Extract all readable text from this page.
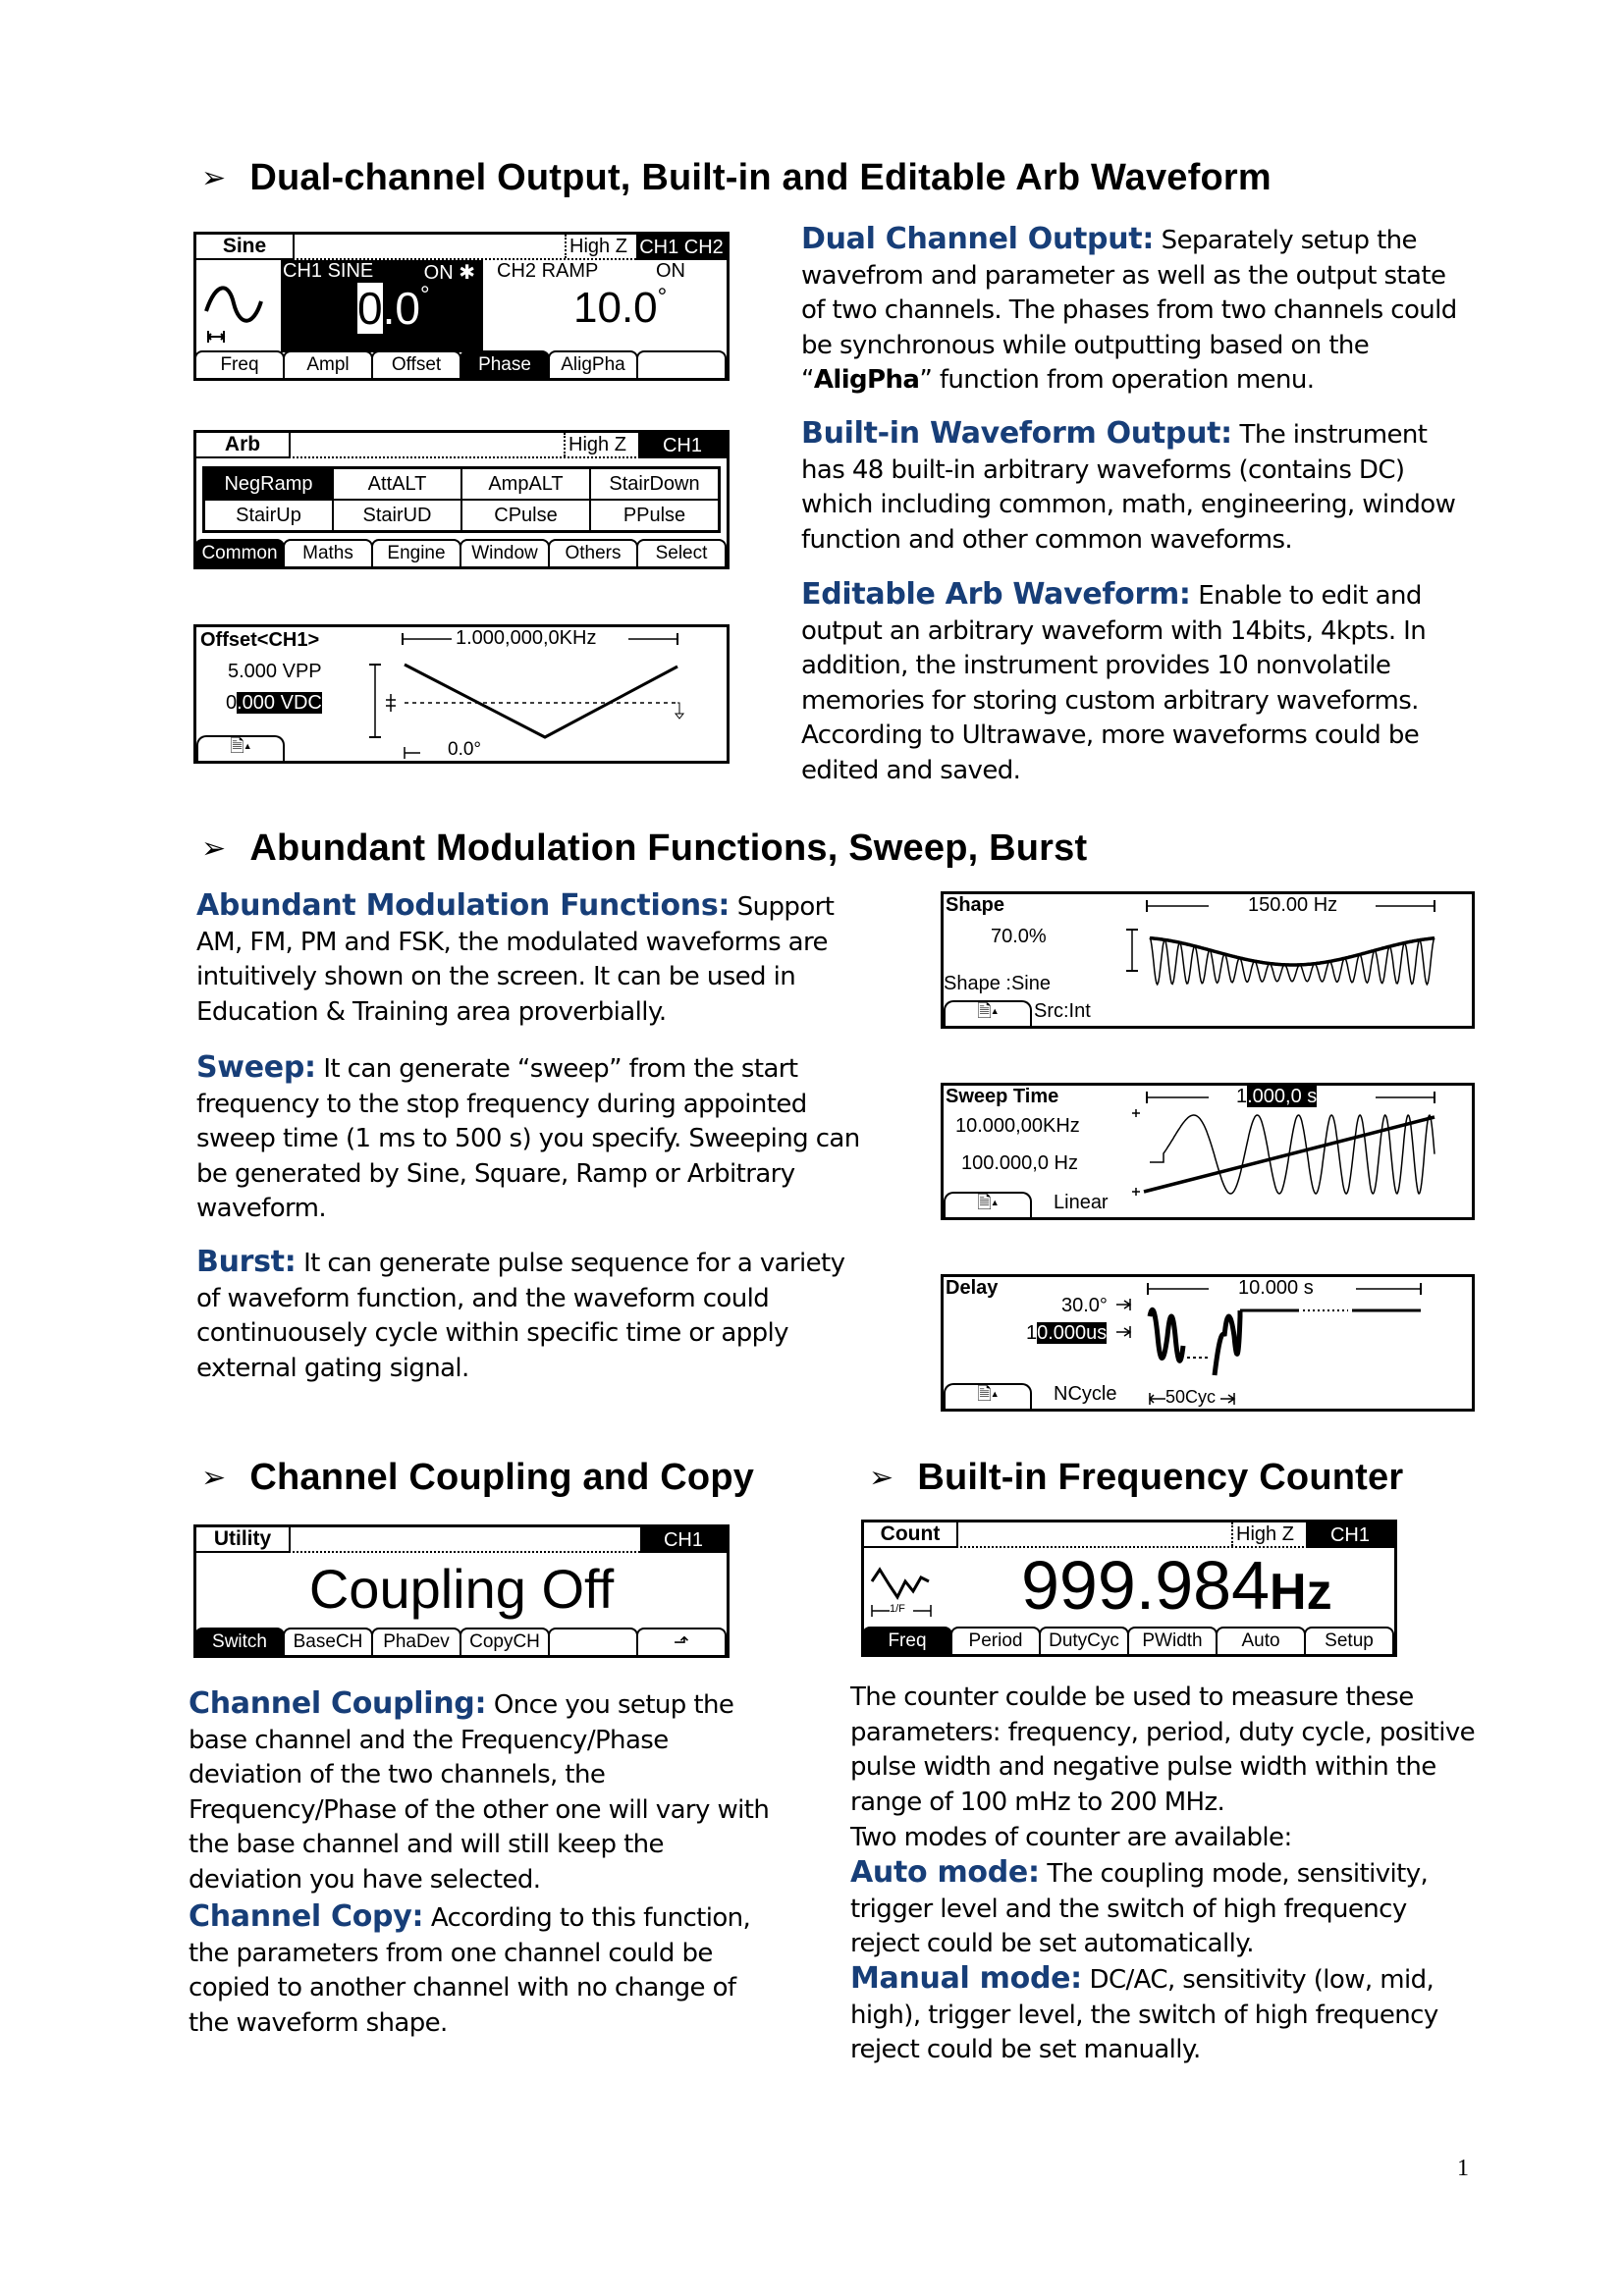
➢ Dual-channel Output, Built-in and Editable Arb Waveform
Sine	High Z CH1 CH2
CH1 SINE	ON ✱
0.0°
CH2 RAMP	ON
10.0°
Freq	Ampl	Offset	Phase	AligPha
Arb	High Z	CH1
NegRamp	AttALT	AmpALT	StairDown
StairUp	StairUD	CPulse	PPulse
Common	Maths	Engine	Window	Others	Select
Offset<CH1>
5.000 VPP
0.000 VDC
🗎▴
1.000,000,0KHz
0.0°
Dual Channel Output: Separately setup the wavefrom and parameter as well as the output state of two channels. The phases from two channels could be synchronous while outputting based on the “AligPha” function from operation menu.
Built-in Waveform Output: The instrument has 48 built-in arbitrary waveforms (contains DC) which including common, math, engineering, window function and other common waveforms.
Editable Arb Waveform: Enable to edit and output an arbitrary waveform with 14bits, 4kpts. In addition, the instrument provides 10 nonvolatile memories for storing custom arbitrary waveforms. According to Ultrawave, more waveforms could be edited and saved.
➢ Abundant Modulation Functions, Sweep, Burst
Abundant Modulation Functions: Support AM, FM, PM and FSK, the modulated waveforms are intuitively shown on the screen. It can be used in Education & Training area proverbially.
Sweep: It can generate “sweep” from the start frequency to the stop frequency during appointed sweep time (1 ms to 500 s) you specify. Sweeping can be generated by Sine, Square, Ramp or Arbitrary waveform.
Burst: It can generate pulse sequence for a variety of waveform function, and the waveform could continuousely cycle within specific time or apply external gating signal.
Shape
70.0%
Shape :Sine
🗎▴ Src:Int
150.00 Hz
Sweep Time
10.000,00KHz
100.000,0 Hz
🗎▴	Linear
1.000,0 s
Delay
30.0°
10.000us
🗎▴	NCycle
10.000 s
50Cyc
➢ Channel Coupling and Copy	➢ Built-in Frequency Counter
Utility	CH1
Coupling Off
Switch	BaseCH	PhaDev	CopyCH	⬏
Count	High Z	CH1
1/F 999.984Hz
Freq	Period	DutyCyc	PWidth	Auto	Setup
Channel Coupling: Once you setup the base channel and the Frequency/Phase deviation of the two channels, the Frequency/Phase of the other one will vary with the base channel and will still keep the deviation you have selected.
Channel Copy: According to this function, the parameters from one channel could be copied to another channel with no change of the waveform shape.
The counter coulde be used to measure these parameters: frequency, period, duty cycle, positive pulse width and negative pulse width within the range of 100 mHz to 200 MHz.
Two modes of counter are available:
Auto mode: The coupling mode, sensitivity, trigger level and the switch of high frequency reject could be set automatically.
Manual mode: DC/AC, sensitivity (low, mid, high), trigger level, the switch of high frequency reject could be set manually.
1
